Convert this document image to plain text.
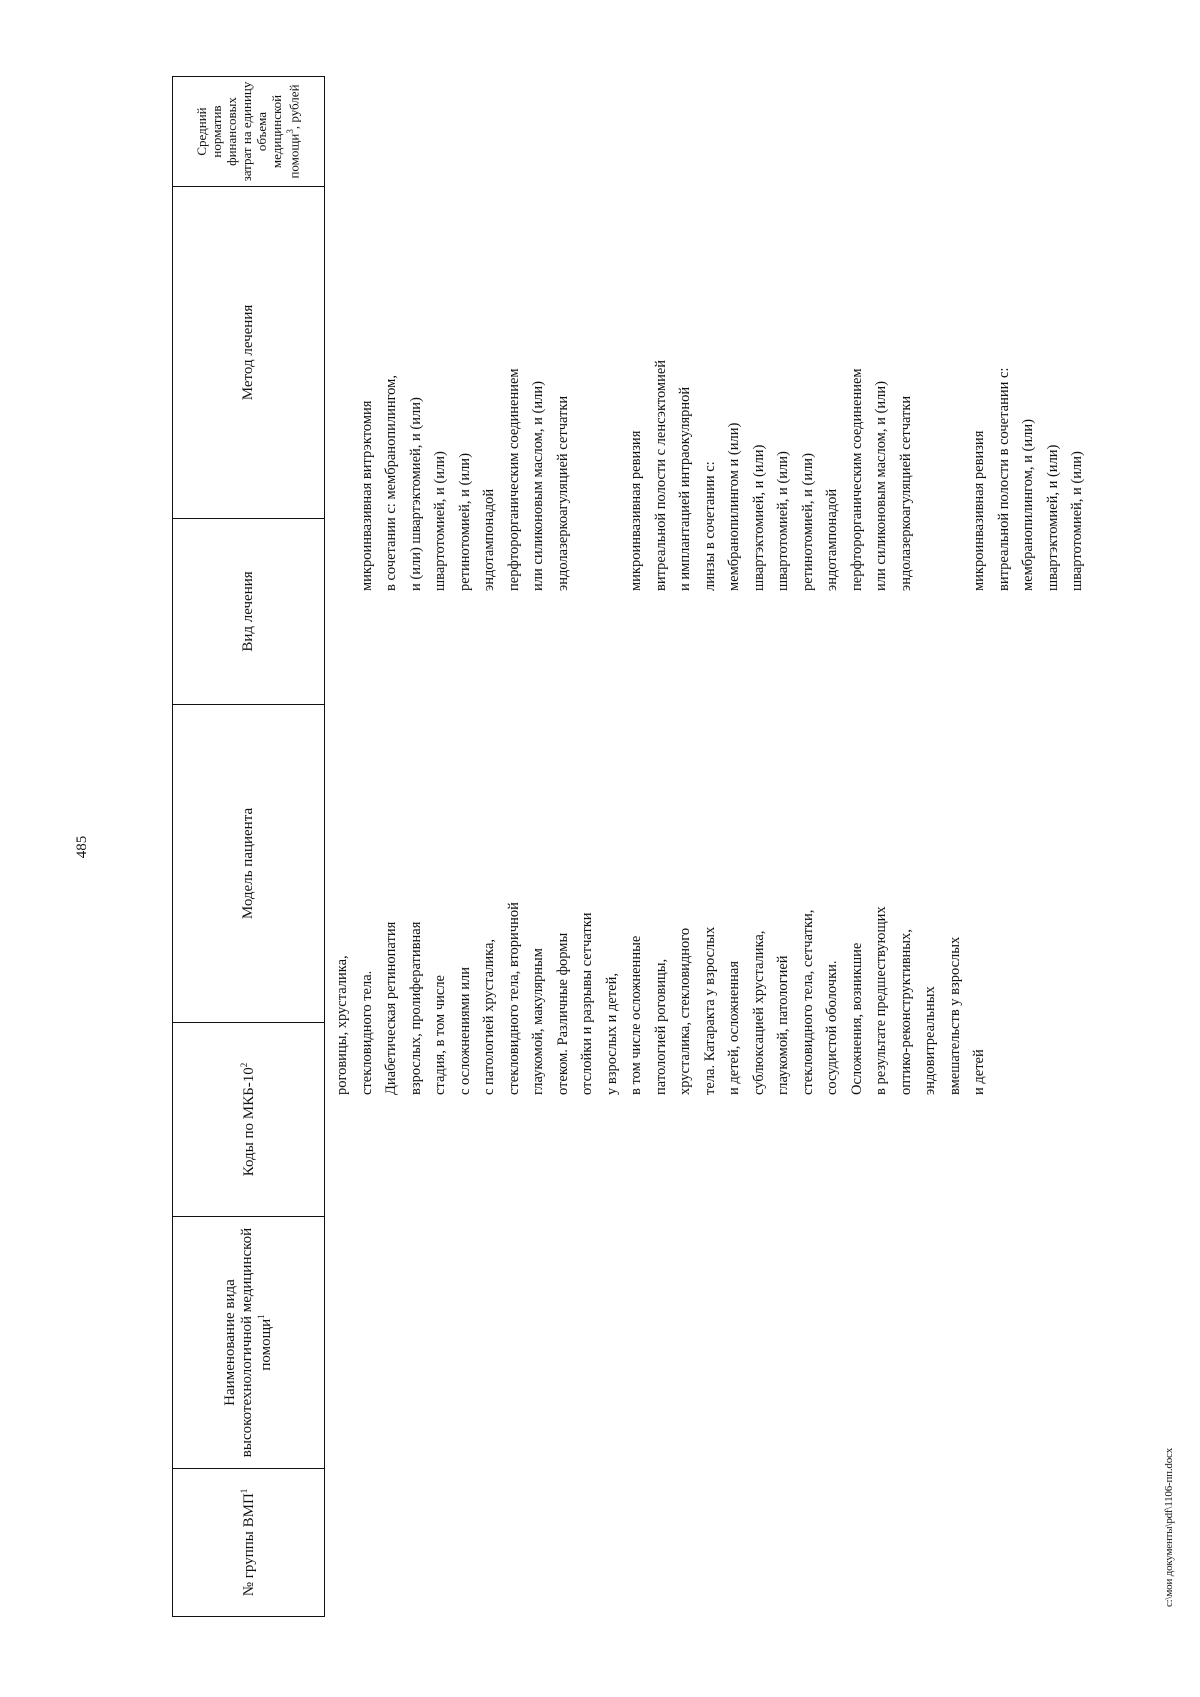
485
№ группы ВМП$^1$
Наименование вида высокотехнологичной медицинской помощи$^1$
Коды по МКБ-$10^2$
Модель пациента
Вид лечения
Метод лечения
Средний норматив финансовых затрат на единицу объема медицинской помощи$^3$, рублей
роговицы, хрусталика, стекловидного тела. Диабетическая ретинопатия взрослых, пролиферативная стадия, в том числе с осложнениями или с патологией хрусталика, стекловидного тела, вторичной глаукомой, макулярным отеком. Различные формы отслойки и разрывы сетчатки у взрослых и детей, в том числе осложненные патологией роговицы, хрусталика, стекловидного тела. Катаракта у взрослых и детей, осложненная сублюксацией хрусталика, глаукомой, патологией стекловидного тела, сетчатки, сосудистой оболочки. Осложнения, возникшие в результате предшествующих оптико-реконструктивных, эндовитреальных вмешательств у взрослых и детей
микроинвазивная витрэктомия в сочетании с: мембранопилингом, и (или) швартэктомией, и (или) швартотомией, и (или) ретинотомией, и (или) эндотампонадой перфторорганическим соединением или силиконовым маслом, и (или) эндолазеркоагуляцией сетчатки	микроинвазивная ревизия витреальной полости с ленсэктомией и имплантацией интраокулярной линзы в сочетании с: мембранопилингом и (или) швартэктомией, и (или) швартотомией, и (или) ретинотомией, и (или) эндотампонадой перфторорганическим соединением или силиконовым маслом, и (или) эндолазеркоагуляцией сетчатки	микроинвазивная ревизия витреальной полости в сочетании с: мембранопилингом, и (или) швартэктомией, и (или) швартотомией, и (или)
c:\мои документы\pdf\1106-пп.docx
